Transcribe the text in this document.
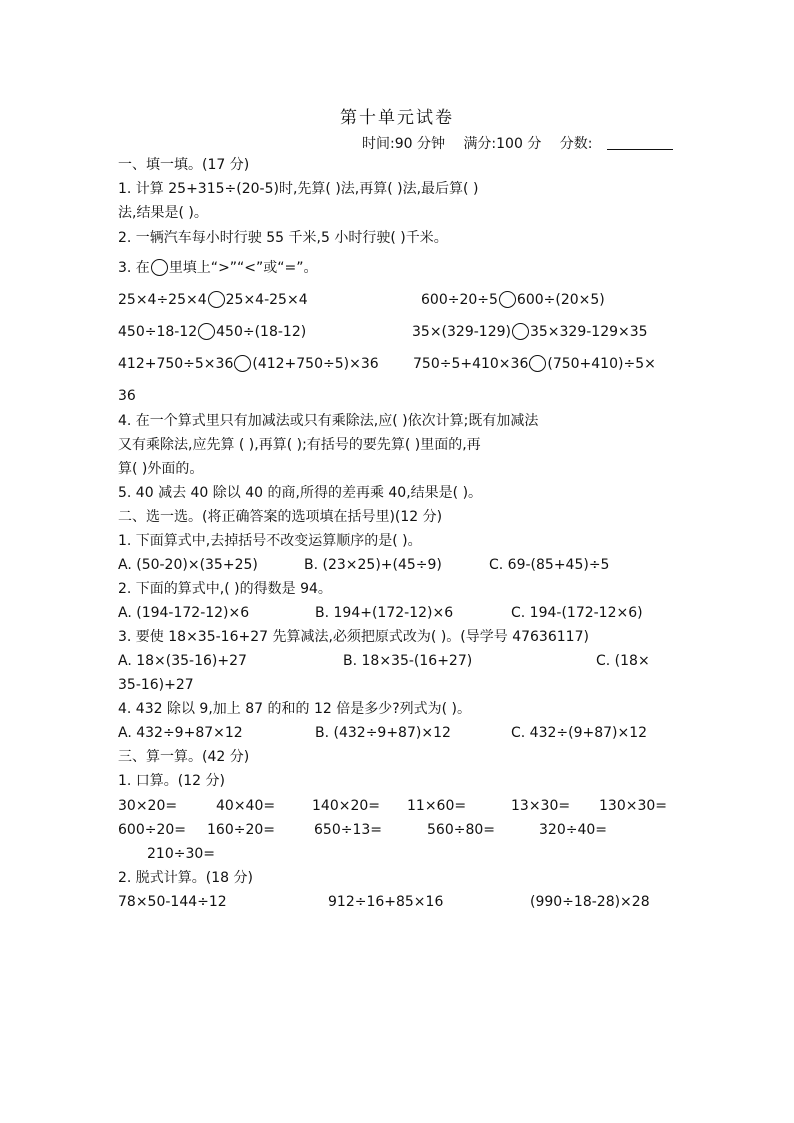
第十单元试卷
时间:90 分钟 满分:100 分 分数:
一、填一填。(17 分)
1. 计算 25+315÷(20-5)时,先算( )法,再算( )法,最后算( )
法,结果是( )。
2. 一辆汽车每小时行驶 55 千米,5 小时行驶( )千米。
3. 在 里填上“>”“<”或“=”。
25×4÷25×4 25×4-25×4	600÷20÷5 600÷(20×5)
450÷18-12 450÷(18-12)	35×(329-129) 35×329-129×35
412+750÷5×36 (412+750÷5)×36 750÷5+410×36 (750+410)÷5×
36
4. 在一个算式里只有加减法或只有乘除法,应( )依次计算;既有加减法
又有乘除法,应先算 ( ),再算( );有括号的要先算( )里面的,再
算( )外面的。
5. 40 减去 40 除以 40 的商,所得的差再乘 40,结果是( )。
二、选一选。(将正确答案的选项填在括号里)(12 分)
1. 下面算式中,去掉括号不改变运算顺序的是( )。
A. (50-20)×(35+25)	B. (23×25)+(45÷9)	C. 69-(85+45)÷5
2. 下面的算式中,( )的得数是 94。
A. (194-172-12)×6	B. 194+(172-12)×6	C. 194-(172-12×6)
3. 要使 18×35-16+27 先算减法,必须把原式改为( )。(导学号 47636117)
A. 18×(35-16)+27	B. 18×35-(16+27)	C. (18×
35-16)+27
4. 432 除以 9,加上 87 的和的 12 倍是多少?列式为( )。
A. 432÷9+87×12	B. (432÷9+87)×12	C. 432÷(9+87)×12
三、算一算。(42 分)
1. 口算。(12 分)
30×20=	40×40=	140×20= 11×60=	13×30= 130×30=
600÷20= 160÷20=	650÷13=	560÷80=	320÷40=
210÷30=
2. 脱式计算。(18 分)
78×50-144÷12	912÷16+85×16	(990÷18-28)×28
